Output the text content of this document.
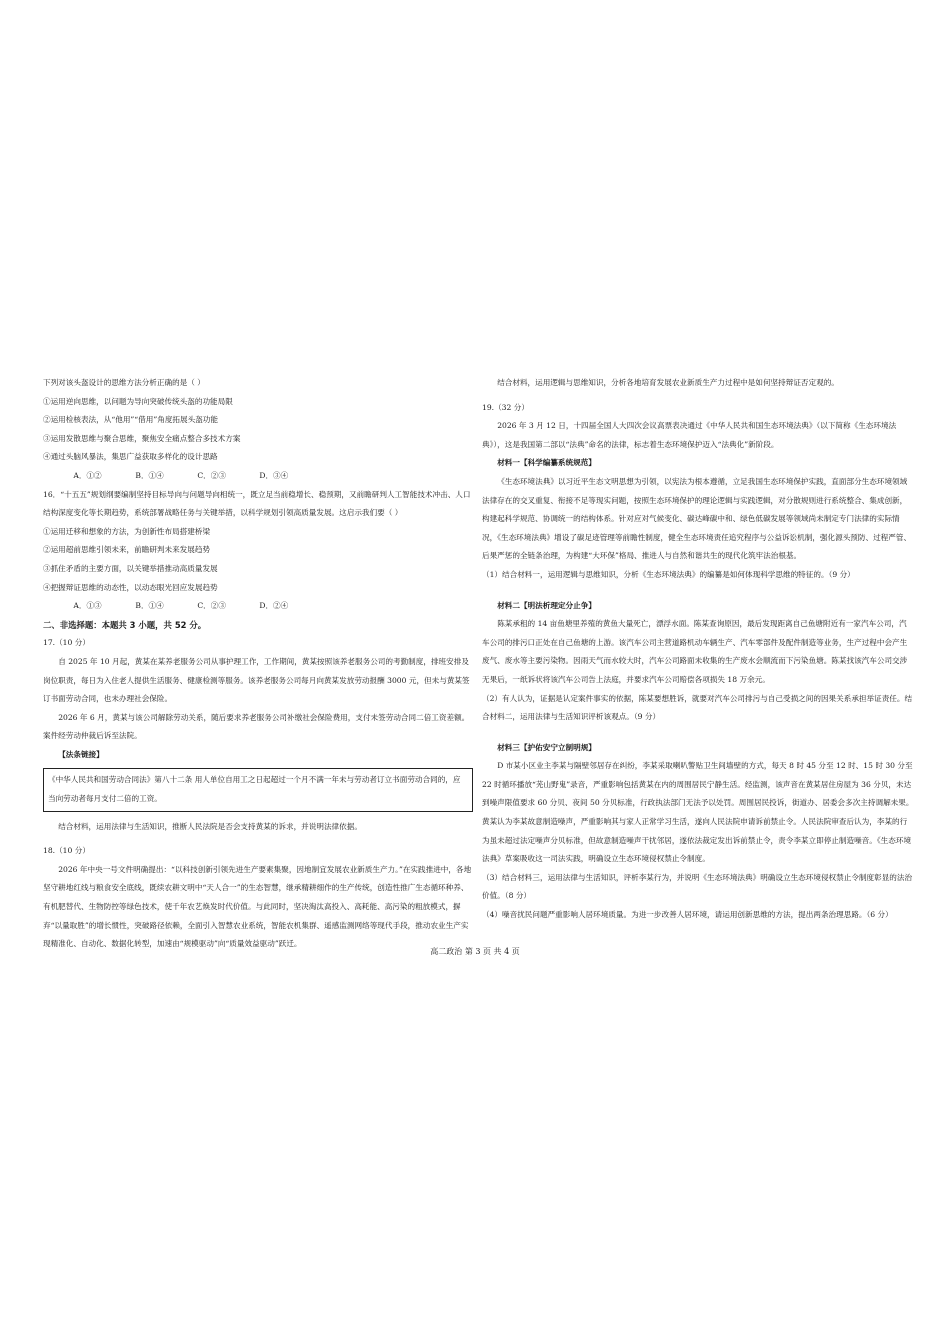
下列对该头盔设计的思维方法分析正确的是（ ）

①运用逆向思维，以问题为导向突破传统头盔的功能局限

②运用检核表法，从“他用”“借用”角度拓展头盔功能

③运用发散思维与聚合思维，聚焦安全痛点整合多技术方案

④通过头脑风暴法，集思广益获取多样化的设计思路

A．①②	B．①④	C．②③	D．③④

16．“十五五”规划纲要编制坚持目标导向与问题导向相统一，既立足当前稳增长、稳预期，又前瞻研判人工智能技术冲击、人口结构深度变化等长期趋势，系统部署战略任务与关键举措，以科学规划引领高质量发展。这启示我们要（ ）

①运用迁移和想象的方法，为创新性布局搭建桥梁

②运用超前思维引领未来，前瞻研判未来发展趋势

③抓住矛盾的主要方面，以关键举措推动高质量发展

④把握辩证思维的动态性，以动态眼光回应发展趋势

A．①③	B．①④	C．②③	D．②④

二、非选择题：本题共 3 小题，共 52 分。

17.（10 分）

自 2025 年 10 月起，黄某在某养老服务公司从事护理工作，工作期间，黄某按照该养老服务公司的考勤制度，排班安排及岗位职责，每日为入住老人提供生活服务、健康检测等服务。该养老服务公司每月向黄某发放劳动报酬 3000 元，但未与黄某签订书面劳动合同，也未办理社会保险。

2026 年 6 月，黄某与该公司解除劳动关系，随后要求养老服务公司补缴社会保险费用，支付未签劳动合同二倍工资差额。案件经劳动仲裁后诉至法院。

【法条链接】

《中华人民共和国劳动合同法》第八十二条 用人单位自用工之日起超过一个月不满一年未与劳动者订立书面劳动合同的，应当向劳动者每月支付二倍的工资。

结合材料，运用法律与生活知识，推断人民法院是否会支持黄某的诉求，并说明法律依据。

18.（10 分）

2026 年中央一号文件明确提出：“以科技创新引领先进生产要素集聚，因地制宜发展农业新质生产力。”在实践推进中，各地坚守耕地红线与粮食安全底线，既续农耕文明中“天人合一”的生态智慧，继承精耕细作的生产传统，创造性推广生态循环种养、有机肥替代、生物防控等绿色技术，使千年农艺焕发时代价值。与此同时，坚决淘汰高投入、高耗能、高污染的粗放模式，摒弃“以量取胜”的增长惯性，突破路径依赖，全面引入智慧农业系统，智能农机集群、遥感监测网络等现代手段，推动农业生产实现精准化、自动化、数据化转型，加速由“规模驱动”向“质量效益驱动”跃迁。

结合材料，运用逻辑与思维知识，分析各地培育发展农业新质生产力过程中是如何坚持辩证否定观的。

19.（32 分）

2026 年 3 月 12 日，十四届全国人大四次会议高票表决通过《中华人民共和国生态环境法典》（以下简称《生态环境法典》），这是我国第二部以“法典”命名的法律，标志着生态环境保护迈入“法典化”新阶段。

材料一【科学编纂系统规范】

《生态环境法典》以习近平生态文明思想为引领，以宪法为根本遵循，立足我国生态环境保护实践，直面部分生态环境领域法律存在的交叉重复、衔接不足等现实问题，按照生态环境保护的理论逻辑与实践逻辑，对分散规则进行系统整合、集成创新，构建起科学规范、协调统一的结构体系。针对应对气候变化、碳达峰碳中和、绿色低碳发展等领域尚未制定专门法律的实际情况，《生态环境法典》增设了碳足迹管理等前瞻性制度，健全生态环境责任追究程序与公益诉讼机制，强化源头预防、过程严管、后果严惩的全链条治理，为构建“大环保”格局、推进人与自然和谐共生的现代化筑牢法治根基。

（1）结合材料一，运用逻辑与思维知识，分析《生态环境法典》的编纂是如何体现科学思维的特征的。（9 分）

材料二【明法析理定分止争】

陈某承租的 14 亩鱼塘里养殖的黄鱼大量死亡，漂浮水面。陈某查询原因，最后发现距离自己鱼塘附近有一家汽车公司，汽车公司的排污口正处在自己鱼塘的上游。该汽车公司主营道路机动车辆生产、汽车零部件及配件制造等业务，生产过程中会产生废气、废水等主要污染物。因雨天气而水较大时，汽车公司路面未收集的生产废水会顺流而下污染鱼塘。陈某找该汽车公司交涉无果后，一纸诉状将该汽车公司告上法庭，并要求汽车公司赔偿各项损失 18 万余元。

（2）有人认为，证据是认定案件事实的依据，陈某要想胜诉，就要对汽车公司排污与自己受损之间的因果关系承担举证责任。结合材料二，运用法律与生活知识评析该观点。（9 分）

材料三【护佑安宁立制明规】

D 市某小区业主李某与隔壁邻居存在纠纷，李某采取喇叭警贴卫生间墙壁的方式，每天 8 时 45 分至 12 时、15 时 30 分至 22 时循环播放“芜山野鬼”录音，严重影响包括黄某在内的周围居民宁静生活。经监测，该声音在黄某居住房屋为 36 分贝，未达到噪声限值要求 60 分贝、夜间 50 分贝标准，行政执法部门无法予以处罚。周围居民投诉，街道办、居委会多次主持调解未果。黄某认为李某故意制造噪声，严重影响其与家人正常学习生活，遂向人民法院申请诉前禁止令。人民法院审查后认为，李某的行为虽未超过法定噪声分贝标准，但故意制造噪声干扰邻居，遂依法裁定发出诉前禁止令，责令李某立即停止制造噪音。《生态环境法典》草案吸收这一司法实践，明确设立生态环境侵权禁止令制度。

（3）结合材料三，运用法律与生活知识，评析李某行为，并说明《生态环境法典》明确设立生态环境侵权禁止令制度彰显的法治价值。（8 分）

（4）噪音扰民问题严重影响人居环境质量。为进一步改善人居环境，请运用创新思维的方法，提出两条治理思路。（6 分）

高二政治 第 3 页 共 4 页
